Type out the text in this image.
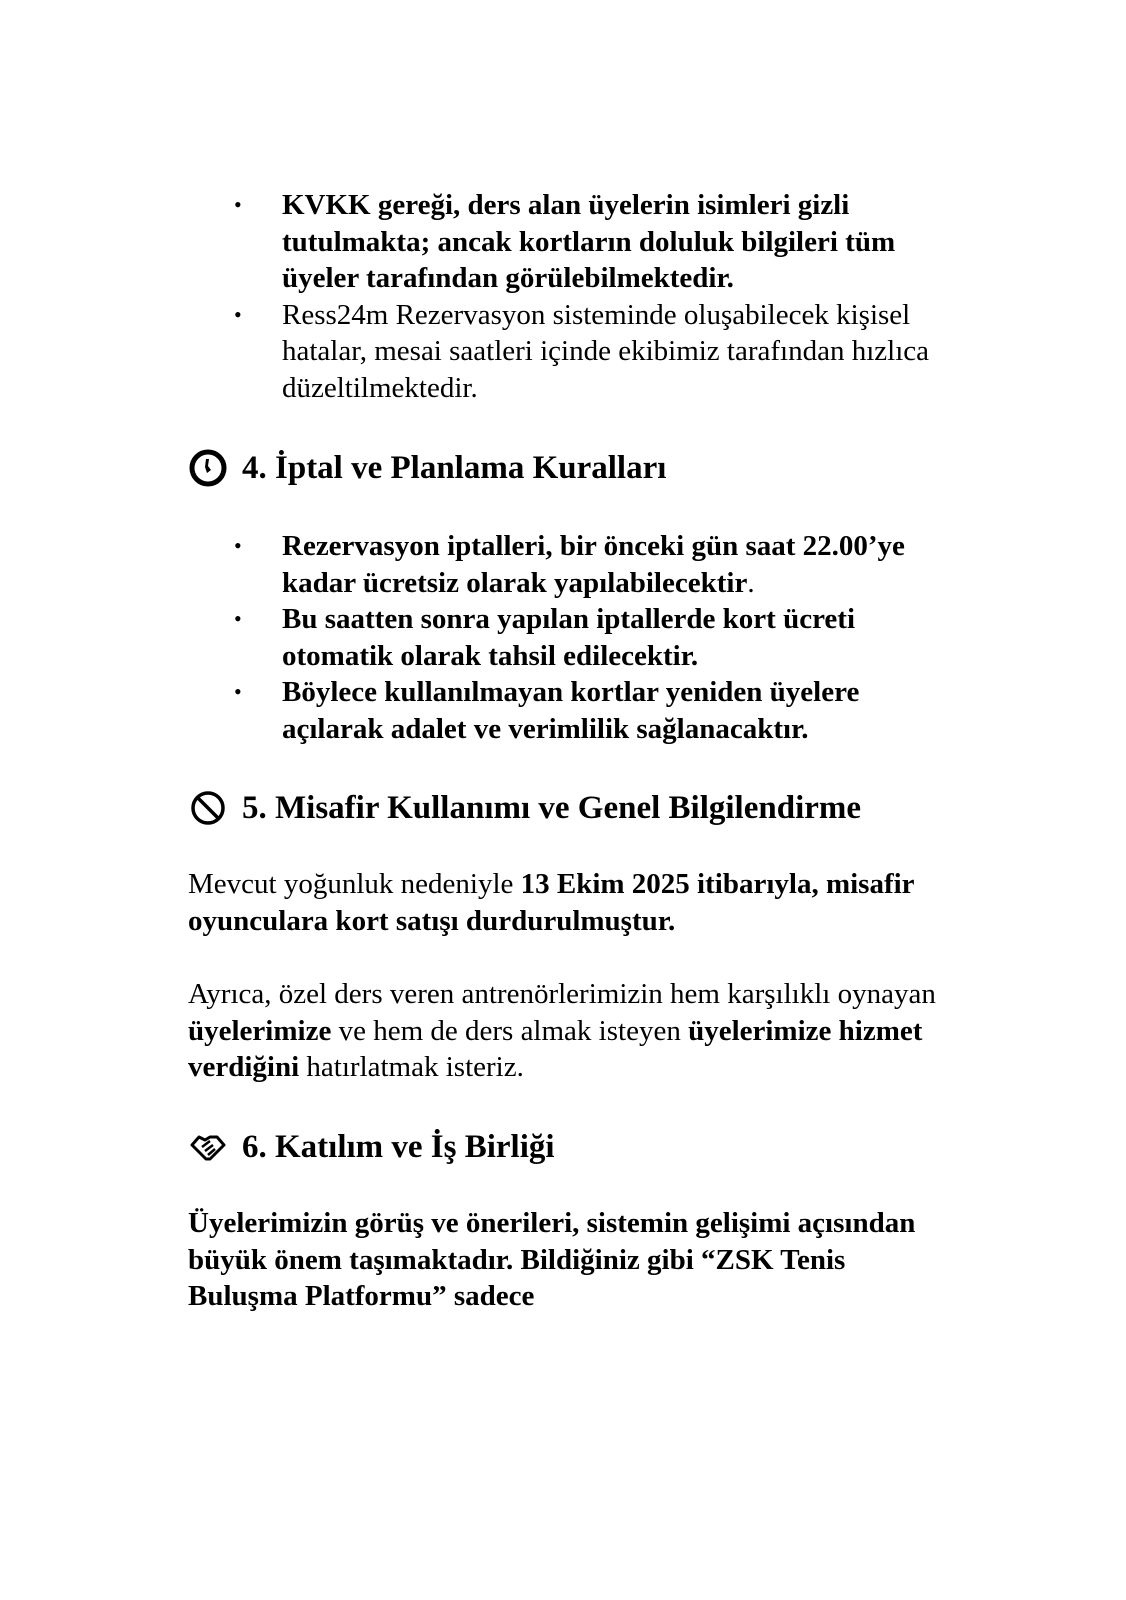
• KVKK gereği, ders alan üyelerin isimleri gizli tutulmakta; ancak kortların doluluk bilgileri tüm üyeler tarafından görülebilmektedir.
• Ress24m Rezervasyon sisteminde oluşabilecek kişisel hatalar, mesai saatleri içinde ekibimiz tarafından hızlıca düzeltilmektedir.
4. İptal ve Planlama Kuralları
• Rezervasyon iptalleri, bir önceki gün saat 22.00’ye kadar ücretsiz olarak yapılabilecektir.
• Bu saatten sonra yapılan iptallerde kort ücreti otomatik olarak tahsil edilecektir.
• Böylece kullanılmayan kortlar yeniden üyelere açılarak adalet ve verimlilik sağlanacaktır.
5. Misafir Kullanımı ve Genel Bilgilendirme

Mevcut yoğunluk nedeniyle 13 Ekim 2025 itibarıyla, misafir oyunculara kort satışı durdurulmuştur.

Ayrıca, özel ders veren antrenörlerimizin hem karşılıklı oynayan üyelerimize ve hem de ders almak isteyen üyelerimize hizmet verdiğini hatırlatmak isteriz.

6. Katılım ve İş Birliği

Üyelerimizin görüş ve önerileri, sistemin gelişimi açısından büyük önem taşımaktadır. Bildiğiniz gibi “ZSK Tenis Buluşma Platformu” sadece
